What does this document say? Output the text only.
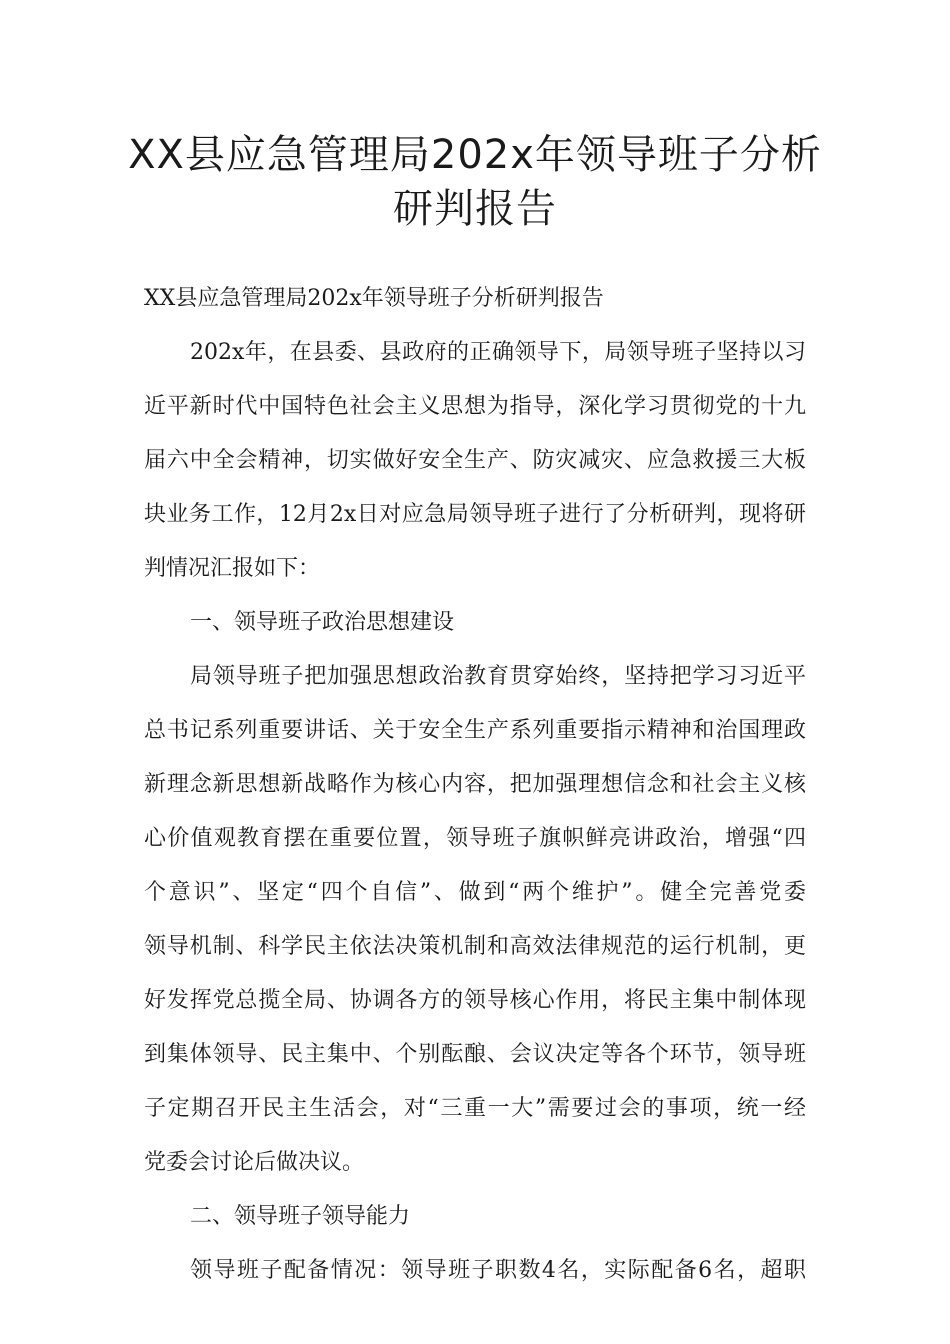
XX县应急管理局202x年领导班子分析
研判报告

XX县应急管理局202x年领导班子分析研判报告

202x年，在县委、县政府的正确领导下，局领导班子坚持以习

近平新时代中国特色社会主义思想为指导，深化学习贯彻党的十九

届六中全会精神，切实做好安全生产、防灾减灾、应急救援三大板

块业务工作，12月2x日对应急局领导班子进行了分析研判，现将研

判情况汇报如下：

一、领导班子政治思想建设

局领导班子把加强思想政治教育贯穿始终，坚持把学习习近平

总书记系列重要讲话、关于安全生产系列重要指示精神和治国理政

新理念新思想新战略作为核心内容，把加强理想信念和社会主义核

心价值观教育摆在重要位置，领导班子旗帜鲜亮讲政治，增强“四

个意识”、坚定“四个自信”、做到“两个维护”。健全完善党委

领导机制、科学民主依法决策机制和高效法律规范的运行机制，更

好发挥党总揽全局、协调各方的领导核心作用，将民主集中制体现

到集体领导、民主集中、个别酝酿、会议决定等各个环节，领导班

子定期召开民主生活会，对“三重一大”需要过会的事项，统一经

党委会讨论后做决议。

二、领导班子领导能力

领导班子配备情况：领导班子职数4名，实际配备6名，超职
